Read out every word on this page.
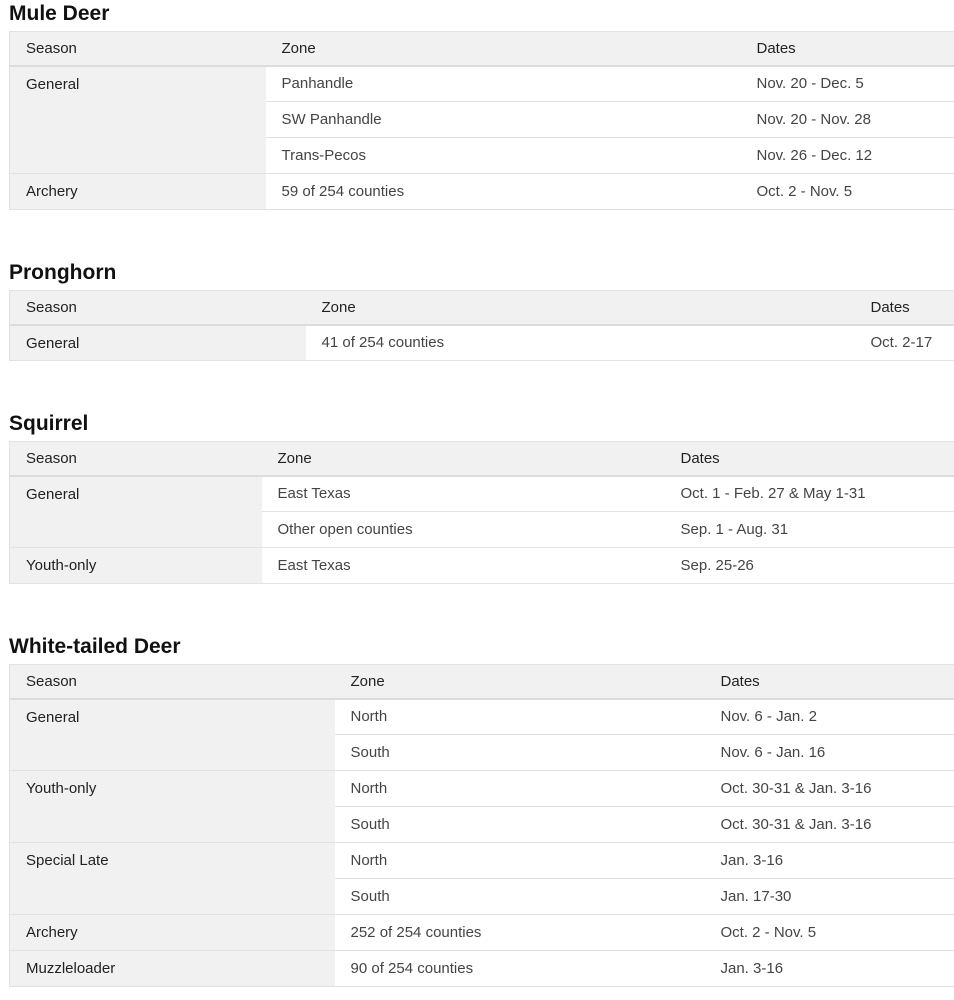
Mule Deer
Season	Zone	Dates
General	Panhandle	Nov. 20 - Dec. 5
	SW Panhandle	Nov. 20 - Nov. 28
	Trans-Pecos	Nov. 26 - Dec. 12
Archery	59 of 254 counties	Oct. 2 - Nov. 5
Pronghorn
Season	Zone	Dates
General	41 of 254 counties	Oct. 2-17
Squirrel
Season	Zone	Dates
General	East Texas	Oct. 1 - Feb. 27 & May 1-31
	Other open counties	Sep. 1 - Aug. 31
Youth-only	East Texas	Sep. 25-26
White-tailed Deer
Season	Zone	Dates
General	North	Nov. 6 - Jan. 2
	South	Nov. 6 - Jan. 16
Youth-only	North	Oct. 30-31 & Jan. 3-16
	South	Oct. 30-31 & Jan. 3-16
Special Late	North	Jan. 3-16
	South	Jan. 17-30
Archery	252 of 254 counties	Oct. 2 - Nov. 5
Muzzleloader	90 of 254 counties	Jan. 3-16
